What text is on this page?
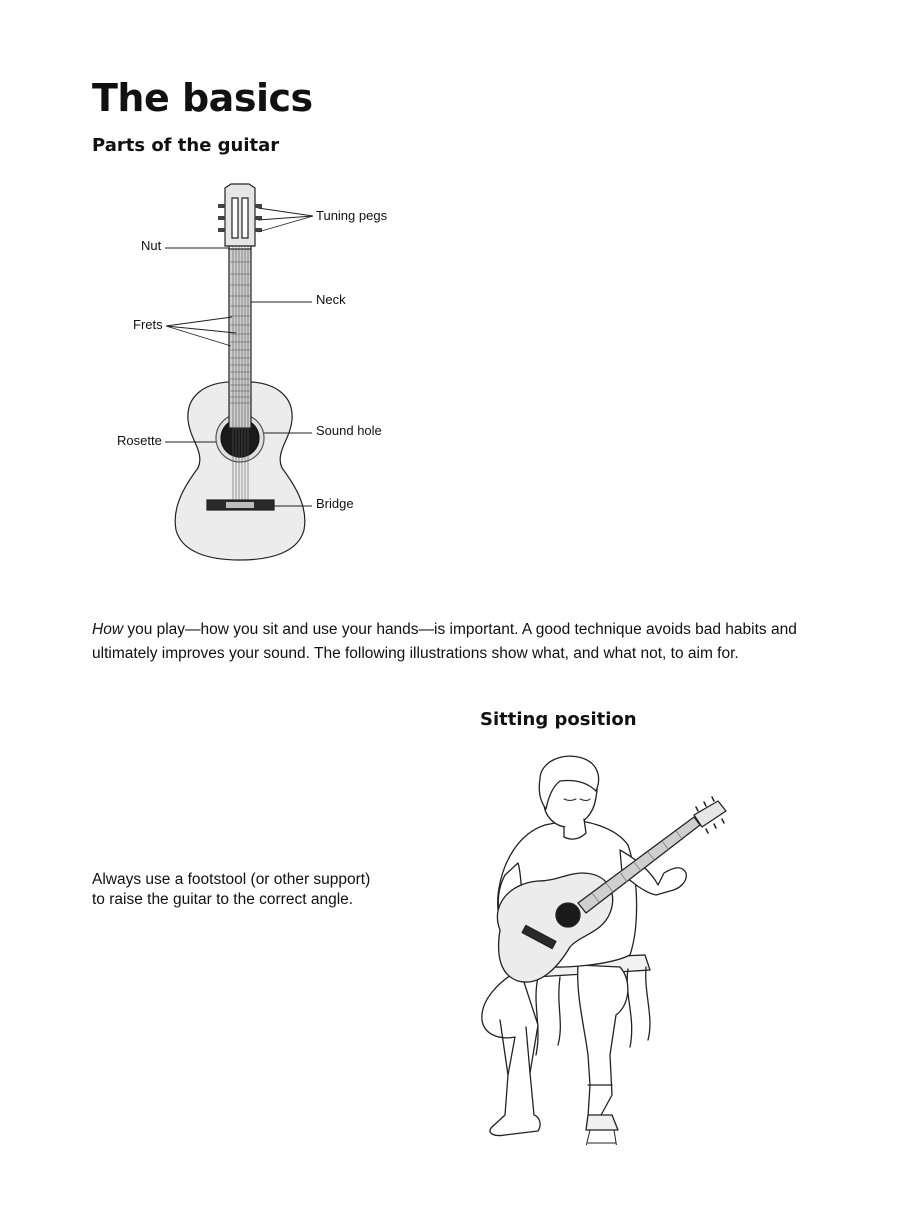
The basics
Parts of the guitar
Tuning pegs
Nut
Neck
Frets
Rosette
Sound hole
Bridge

How you play—how you sit and use your hands—is important. A good technique avoids bad habits and ultimately improves your sound. The following illustrations show what, and what not, to aim for.

Sitting position

Always use a footstool (or other support)
to raise the guitar to the correct angle.
